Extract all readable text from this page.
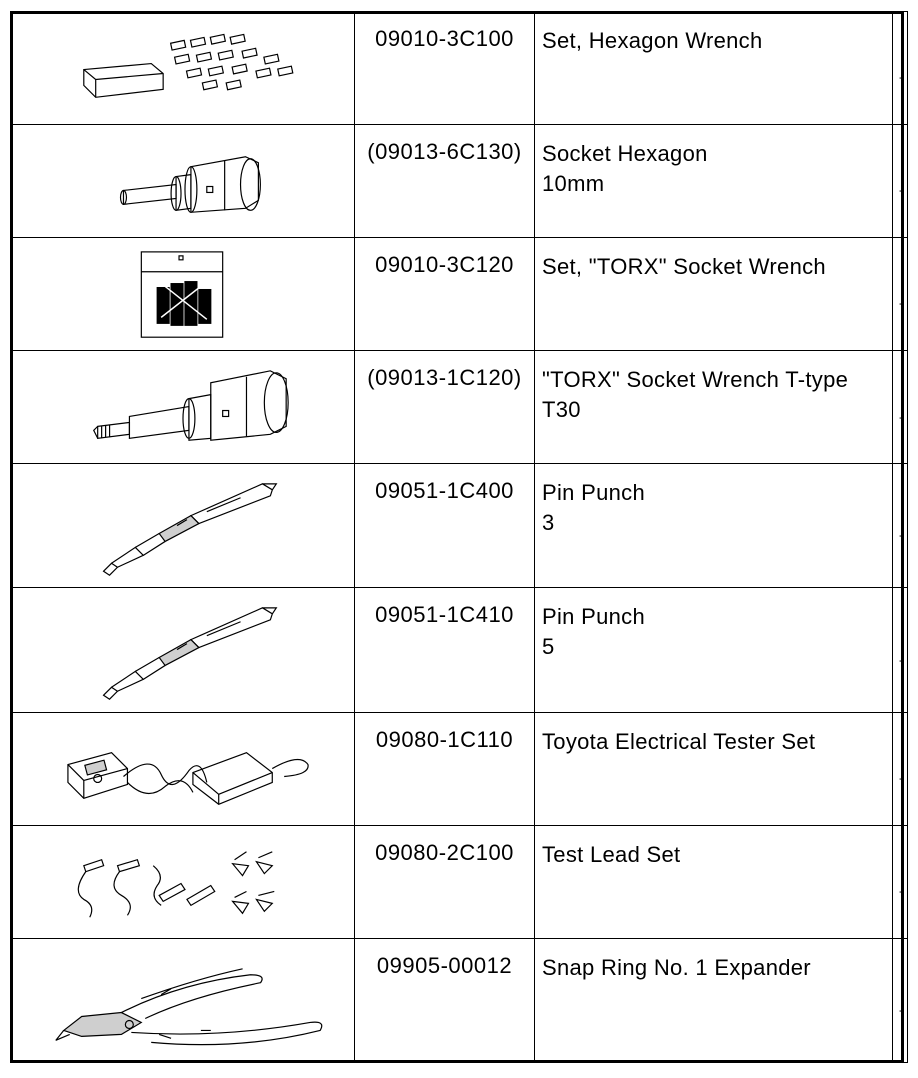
	09010-3C100	Set, Hexagon Wrench	-

	(09013-6C130)	Socket Hexagon
10mm	-

	09010-3C120	Set, "TORX" Socket Wrench	-

	(09013-1C120)	"TORX" Socket Wrench T-type
T30	-

	09051-1C400	Pin Punch
3	-

	09051-1C410	Pin Punch
5	-

	09080-1C110	Toyota Electrical Tester Set	-

	09080-2C100	Test Lead Set	-

	09905-00012	Snap Ring No. 1 Expander	-
